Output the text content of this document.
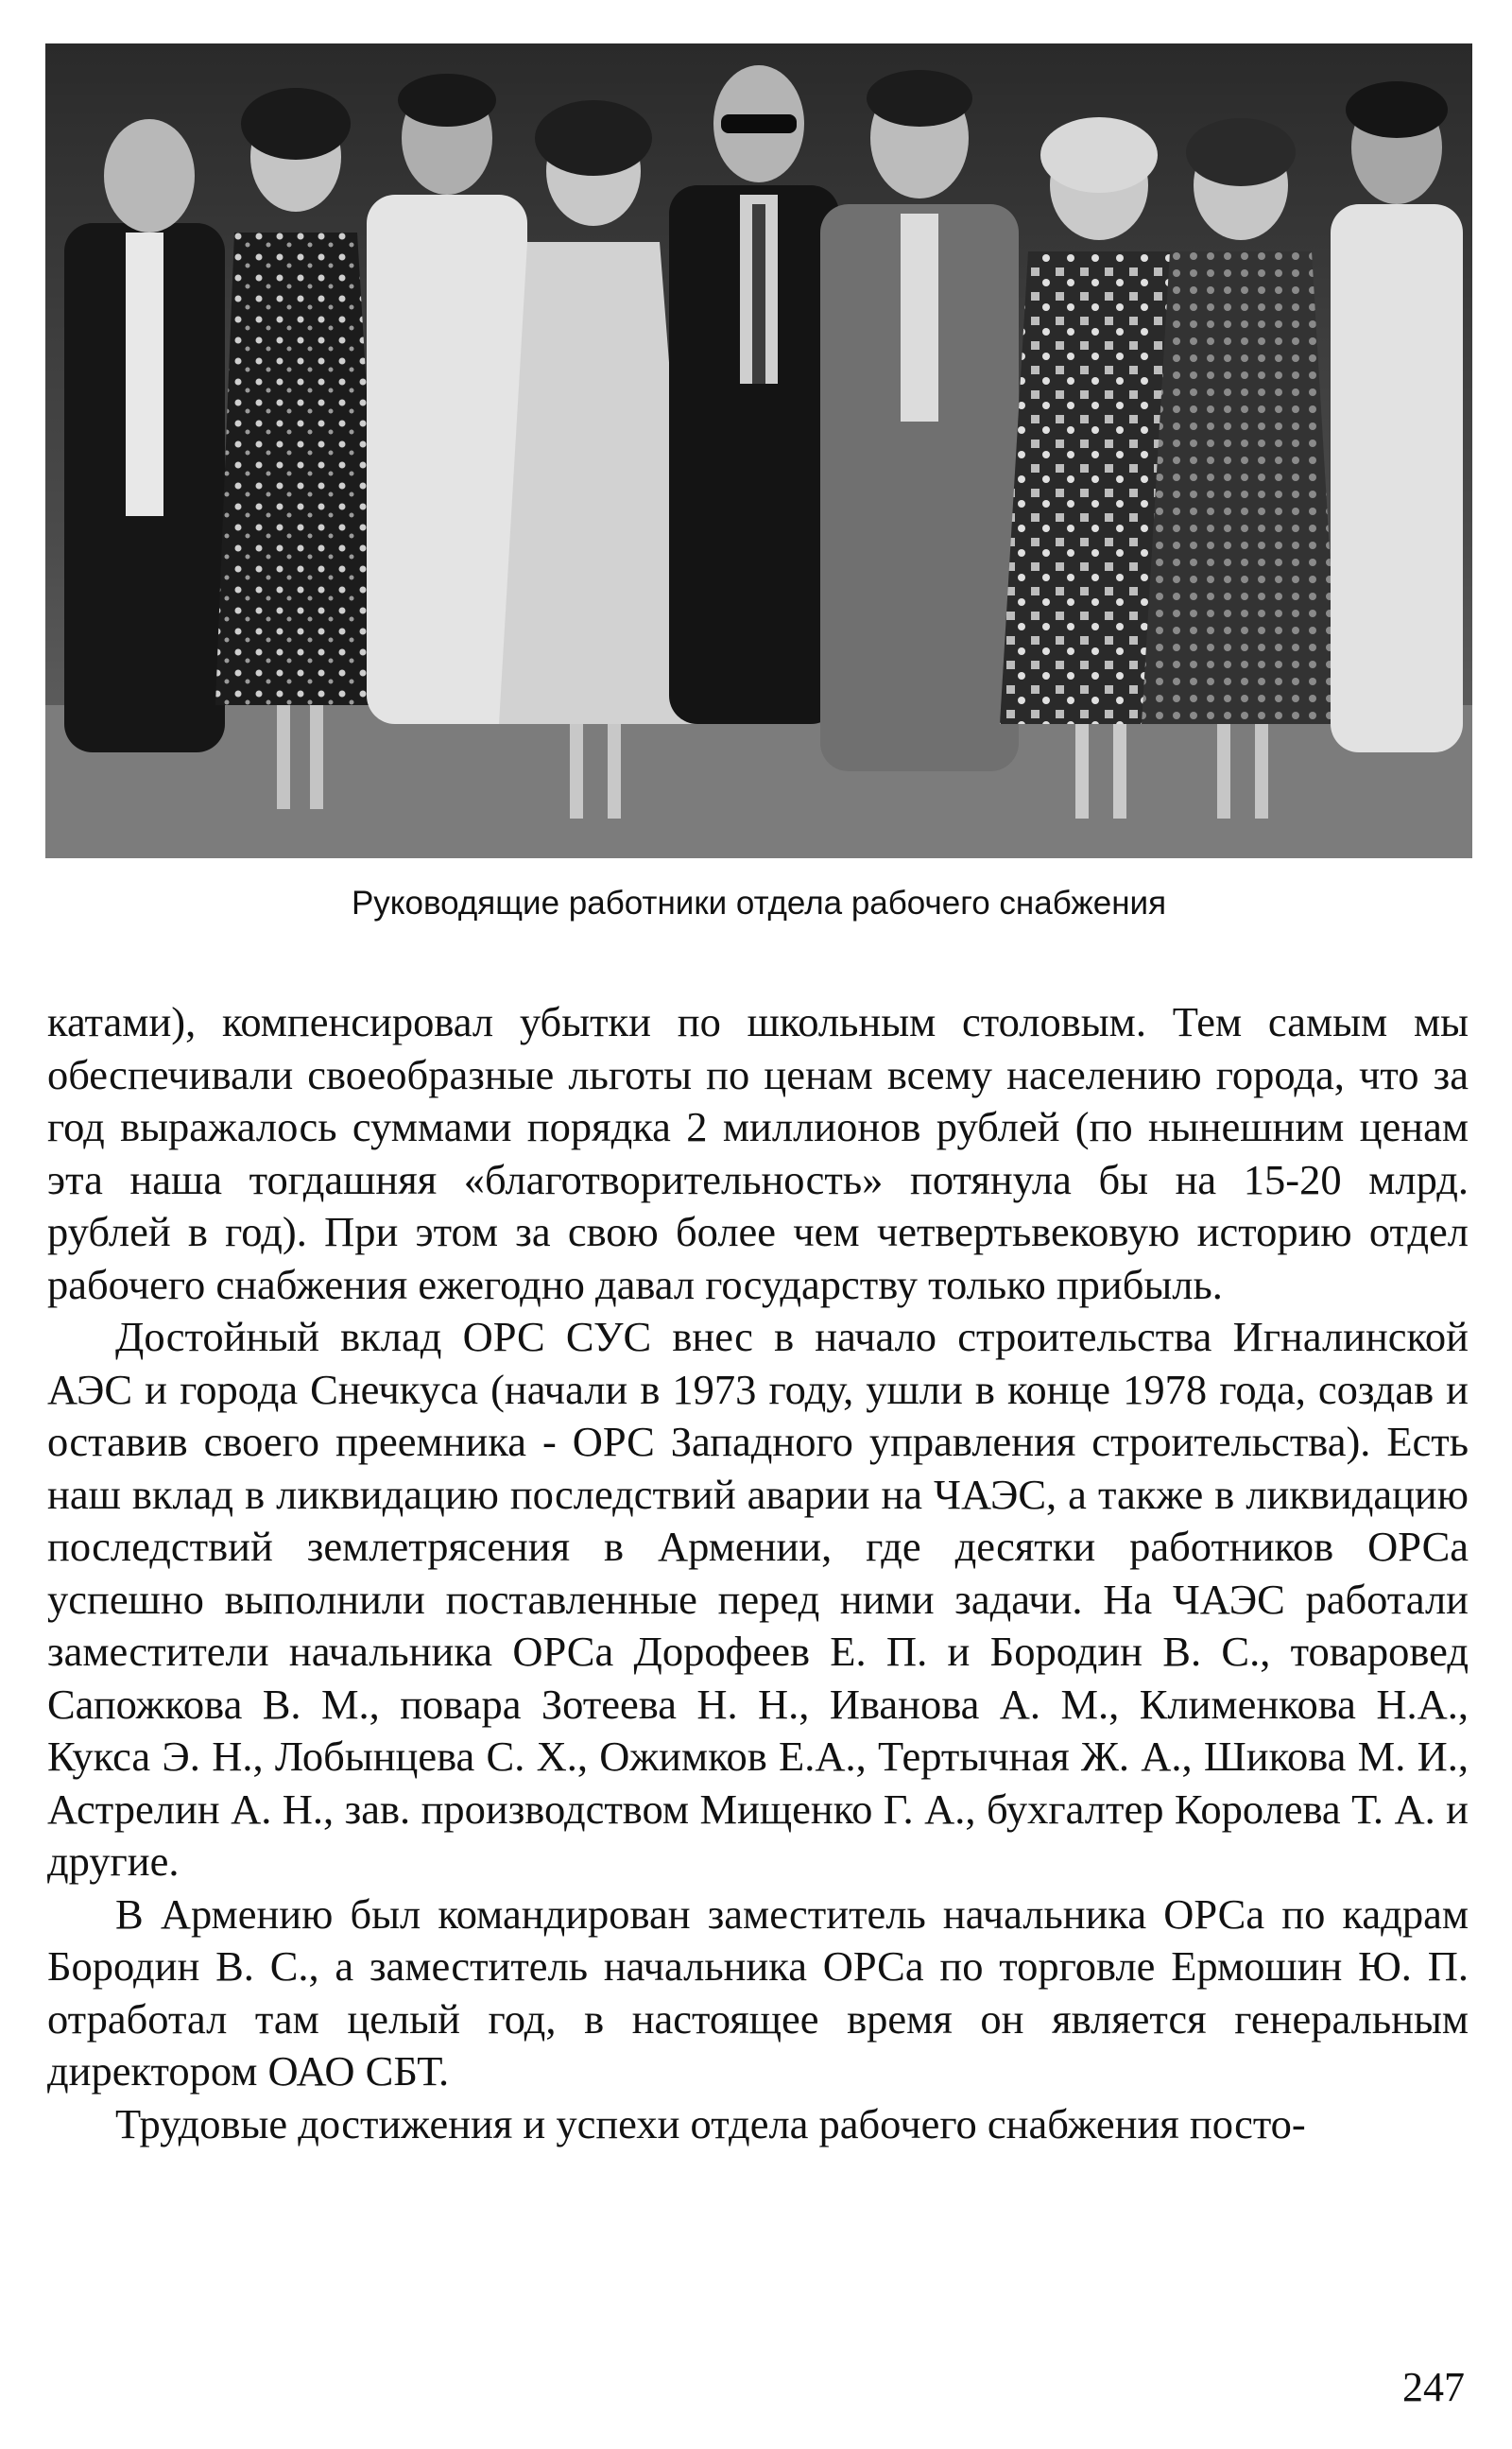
Руководящие работники отдела рабочего снабжения

катами), компенсировал убытки по школьным столовым. Тем самым мы обеспечивали своеобразные льготы по ценам всему населению города, что за год выражалось суммами порядка 2 миллионов рублей (по нынешним ценам эта наша тогдашняя «благотворительность» потянула бы на 15-20 млрд. рублей в год). При этом за свою более чем четвертьвековую историю отдел рабочего снабжения ежегодно давал государству только прибыль.

Достойный вклад ОРС СУС внес в начало строительства Игналинской АЭС и города Снечкуса (начали в 1973 году, ушли в конце 1978 года, создав и оставив своего преемника - ОРС Западного управления строительства). Есть наш вклад в ликвидацию последствий аварии на ЧАЭС, а также в ликвидацию последствий землетрясения в Армении, где десятки работников ОРСа успешно выполнили поставленные перед ними задачи. На ЧАЭС работали заместители начальника ОРСа Дорофеев Е. П. и Бородин В. С., товаровед Сапожкова В. М., повара Зотеева Н. Н., Иванова А. М., Клименкова Н.А., Кукса Э. Н., Лобынцева С. Х., Ожимков Е.А., Тертычная Ж. А., Шикова М. И., Астрелин А. Н., зав. производством Мищенко Г. А., бухгалтер Королева Т. А. и другие.

В Армению был командирован заместитель начальника ОРСа по кадрам Бородин В. С., а заместитель начальника ОРСа по торговле Ермошин Ю. П. отработал там целый год, в настоящее время он является генеральным директором ОАО СБТ.

Трудовые достижения и успехи отдела рабочего снабжения посто-

247
